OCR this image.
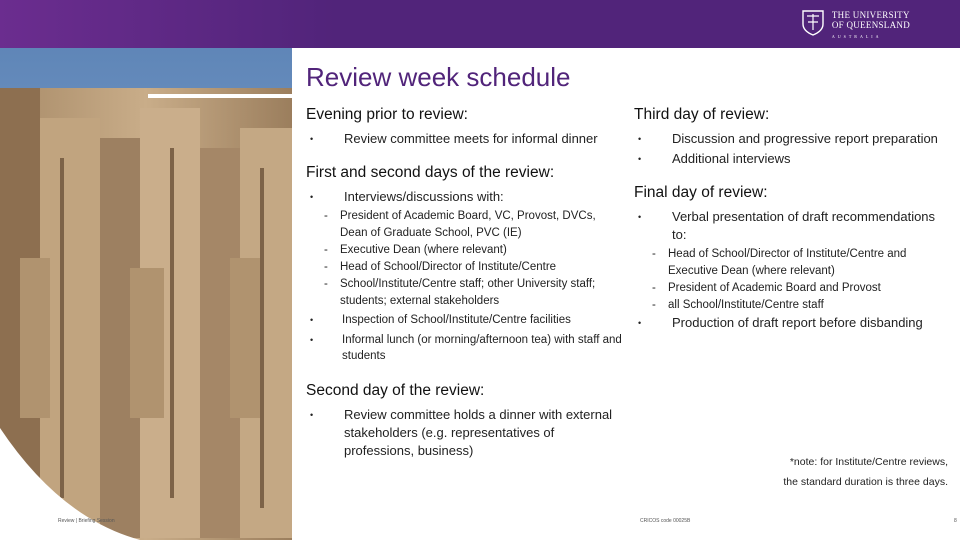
THE UNIVERSITY
OF QUEENSLAND
AUSTRALIA
Review week schedule
Evening prior to review:
•	Review committee meets for informal dinner
First and second days of the review:
•	Interviews/discussions with:
-	President of Academic Board, VC, Provost, DVCs, Dean of Graduate School, PVC (IE)
-	Executive Dean (where relevant)
-	Head of School/Director of Institute/Centre
-	School/Institute/Centre staff; other University staff; students; external stakeholders
•	Inspection of School/Institute/Centre facilities
•	Informal lunch (or morning/afternoon tea) with staff and students
Second day of the review:
•	Review committee holds a dinner with external stakeholders (e.g. representatives of professions, business)
Third day of review:
•	Discussion and progressive report preparation
•	Additional interviews
Final day of review:
•	Verbal presentation of draft recommendations to:
-	Head of School/Director of Institute/Centre and Executive Dean (where relevant)
-	President of Academic Board and Provost
-	all School/Institute/Centre staff
•	Production of draft report before disbanding
*note: for Institute/Centre reviews,
the standard duration is three days.
Review | Briefing Session	CRICOS code 00025B	8
